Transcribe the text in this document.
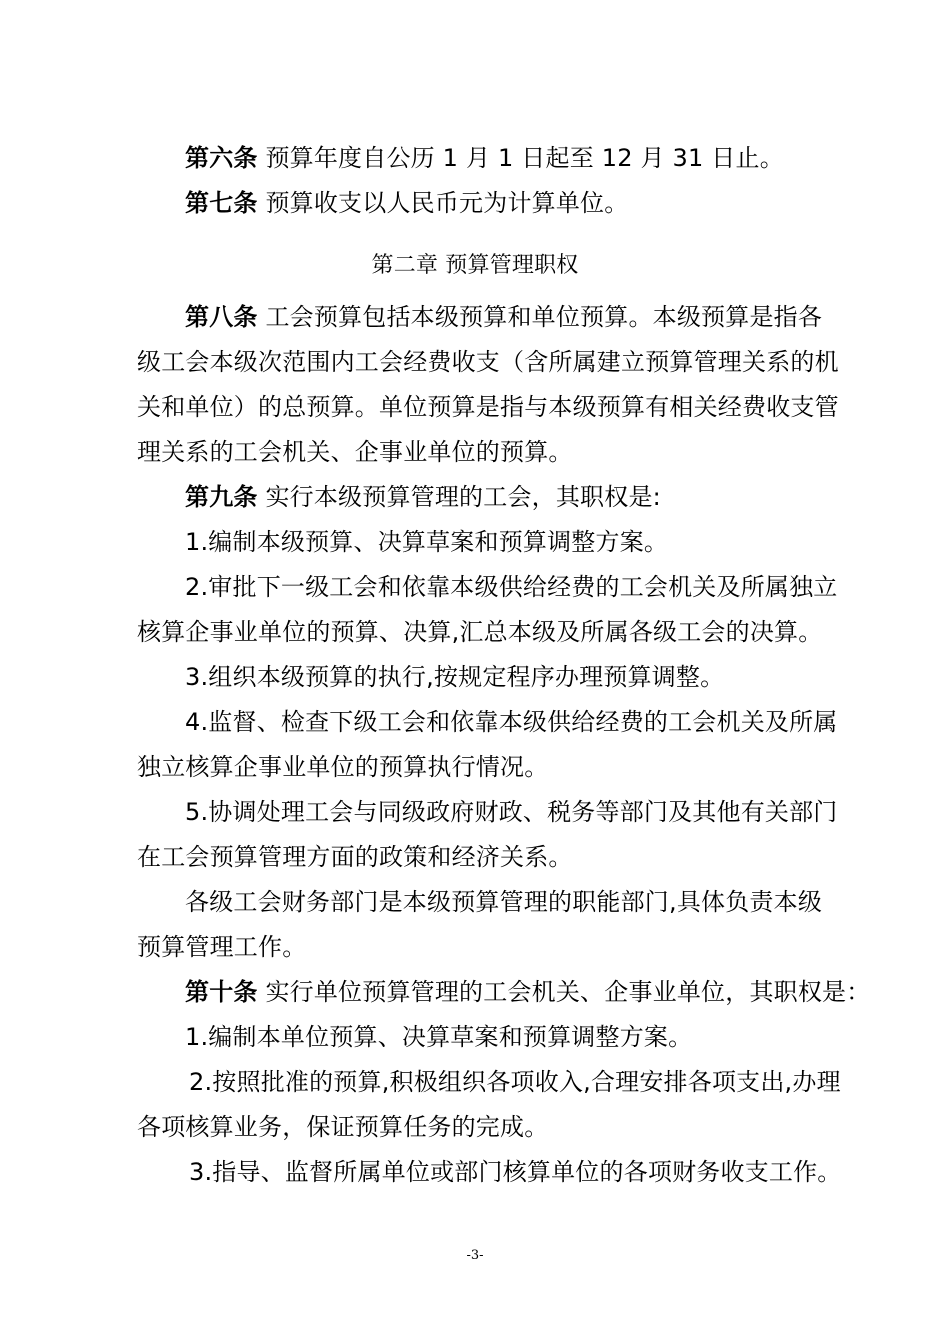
第六条 预算年度自公历 1 月 1 日起至 12 月 31 日止。
第七条 预算收支以人民币元为计算单位。
第二章 预算管理职权
第八条 工会预算包括本级预算和单位预算。本级预算是指各
级工会本级次范围内工会经费收支（含所属建立预算管理关系的机
关和单位）的总预算。单位预算是指与本级预算有相关经费收支管
理关系的工会机关、企事业单位的预算。
第九条 实行本级预算管理的工会，其职权是:
1.编制本级预算、决算草案和预算调整方案。
2.审批下一级工会和依靠本级供给经费的工会机关及所属独立
核算企事业单位的预算、决算,汇总本级及所属各级工会的决算。
3.组织本级预算的执行,按规定程序办理预算调整。
4.监督、检查下级工会和依靠本级供给经费的工会机关及所属
独立核算企事业单位的预算执行情况。
5.协调处理工会与同级政府财政、税务等部门及其他有关部门
在工会预算管理方面的政策和经济关系。
各级工会财务部门是本级预算管理的职能部门,具体负责本级
预算管理工作。
第十条 实行单位预算管理的工会机关、企事业单位，其职权是：
1.编制本单位预算、决算草案和预算调整方案。
2.按照批准的预算,积极组织各项收入,合理安排各项支出,办理
各项核算业务，保证预算任务的完成。
3.指导、监督所属单位或部门核算单位的各项财务收支工作。
-3-
